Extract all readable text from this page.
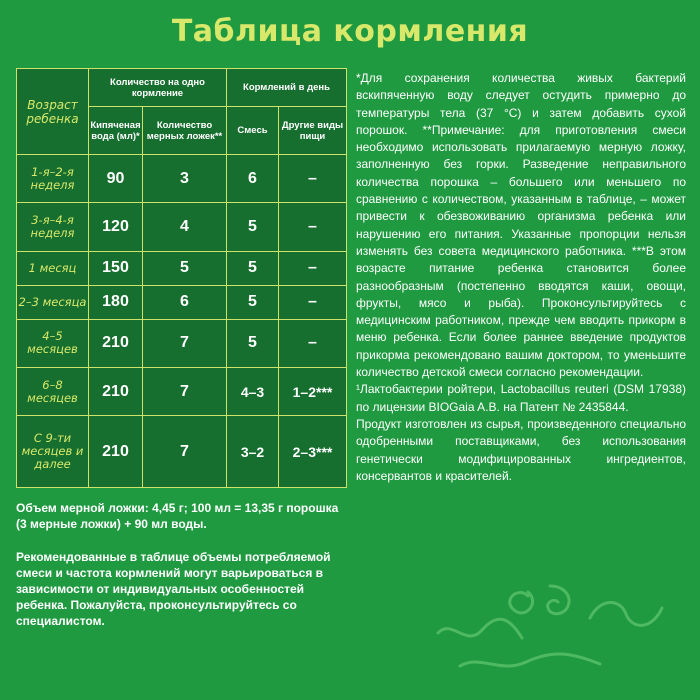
Таблица кормления
Возраст ребенка	Количество на одно кормление		Кормлений в день	
	Кипяченая вода (мл)*	Количество мерных ложек**	Смесь	Другие виды пищи
1-я–2-я неделя	90	3	6	–
3-я–4-я неделя	120	4	5	–
1 месяц	150	5	5	–
2–3 месяца	180	6	5	–
4–5 месяцев	210	7	5	–
6–8 месяцев	210	7	4–3	1–2***
С 9-ти месяцев и далее	210	7	3–2	2–3***

Объем мерной ложки: 4,45 г; 100 мл = 13,35 г порошка (3 мерные ложки) + 90 мл воды.

Рекомендованные в таблице объемы потребляемой смеси и частота кормлений могут варьироваться в зависимости от индивидуальных особенностей ребенка. Пожалуйста, проконсультируйтесь со специалистом.

*Для сохранения количества живых бактерий вскипяченную воду следует остудить примерно до температуры тела (37 °C) и затем добавить сухой порошок. **Примечание: для приготовления смеси необходимо использовать прилагаемую мерную ложку, заполненную без горки. Разведение неправильного количества порошка – большего или меньшего по сравнению с количеством, указанным в таблице, – может привести к обезвоживанию организма ребенка или нарушению его питания. Указанные пропорции нельзя изменять без совета медицинского работника. ***В этом возрасте питание ребенка становится более разнообразным (постепенно вводятся каши, овощи, фрукты, мясо и рыба). Проконсультируйтесь с медицинским работником, прежде чем вводить прикорм в меню ребенка. Если более раннее введение продуктов прикорма рекомендовано вашим доктором, то уменьшите количество детской смеси согласно рекомендации.

¹Лактобактерии ройтери, Lactobacillus reuteri (DSM 17938) по лицензии BIOGaia A.B. на Патент № 2435844.

Продукт изготовлен из сырья, произведенного специально одобренными поставщиками, без использования генетически модифицированных ингредиентов, консервантов и красителей.
